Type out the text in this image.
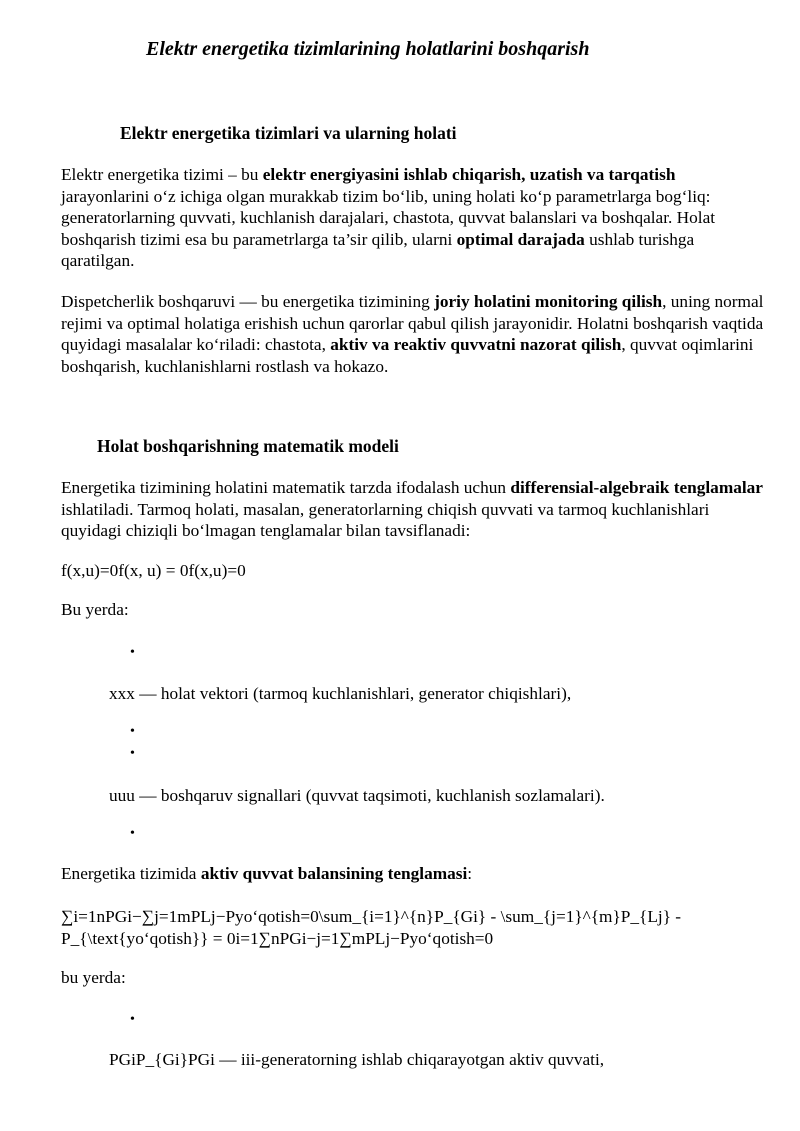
Elektr energetika tizimlarining holatlarini boshqarish
Elektr energetika tizimlari va ularning holati

Elektr energetika tizimi – bu elektr energiyasini ishlab chiqarish, uzatish va tarqatish jarayonlarini o‘z ichiga olgan murakkab tizim bo‘lib, uning holati ko‘p parametrlarga bog‘liq: generatorlarning quvvati, kuchlanish darajalari, chastota, quvvat balanslari va boshqalar. Holat boshqarish tizimi esa bu parametrlarga ta’sir qilib, ularni optimal darajada ushlab turishga qaratilgan.

Dispetcherlik boshqaruvi — bu energetika tizimining joriy holatini monitoring qilish, uning normal rejimi va optimal holatiga erishish uchun qarorlar qabul qilish jarayonidir. Holatni boshqarish vaqtida quyidagi masalalar ko‘riladi: chastota, aktiv va reaktiv quvvatni nazorat qilish, quvvat oqimlarini boshqarish, kuchlanishlarni rostlash va hokazo.

Holat boshqarishning matematik modeli

Energetika tizimining holatini matematik tarzda ifodalash uchun differensial-algebraik tenglamalar ishlatiladi. Tarmoq holati, masalan, generatorlarning chiqish quvvati va tarmoq kuchlanishlari quyidagi chiziqli bo‘lmagan tenglamalar bilan tavsiflanadi:

f(x,u)=0f(x, u) = 0f(x,u)=0

Bu yerda:

•

xxx — holat vektori (tarmoq kuchlanishlari, generator chiqishlari),

•
•

uuu — boshqaruv signallari (quvvat taqsimoti, kuchlanish sozlamalari).

•

Energetika tizimida aktiv quvvat balansining tenglamasi:

∑i=1nPGi−∑j=1mPLj−Pyo‘qotish=0\sum_{i=1}^{n}P_{Gi} - \sum_{j=1}^{m}P_{Lj} -

P_{\text{yo‘qotish}} = 0i=1∑nPGi−j=1∑mPLj−Pyo‘qotish=0

bu yerda:

•

PGiP_{Gi}PGi — iii-generatorning ishlab chiqarayotgan aktiv quvvati,
